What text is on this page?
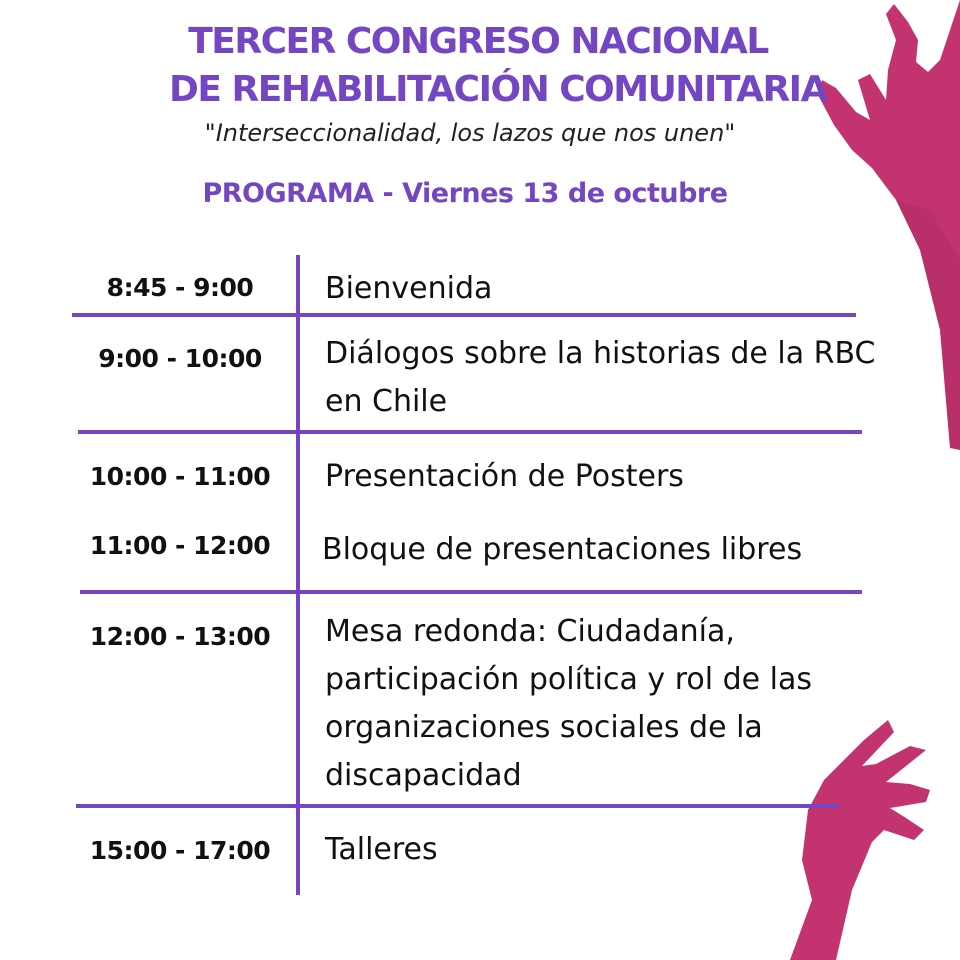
TERCER CONGRESO NACIONAL
DE REHABILITACIÓN COMUNITARIA
"Interseccionalidad, los lazos que nos unen"
PROGRAMA - Viernes 13 de octubre
8:45 - 9:00	Bienvenida
9:00 - 10:00	Diálogos sobre la historias de la RBC en Chile
10:00 - 11:00	Presentación de Posters
11:00 - 12:00	Bloque de presentaciones libres
12:00 - 13:00	Mesa redonda: Ciudadanía, participación política y rol de las organizaciones sociales de la discapacidad
15:00 - 17:00	Talleres
